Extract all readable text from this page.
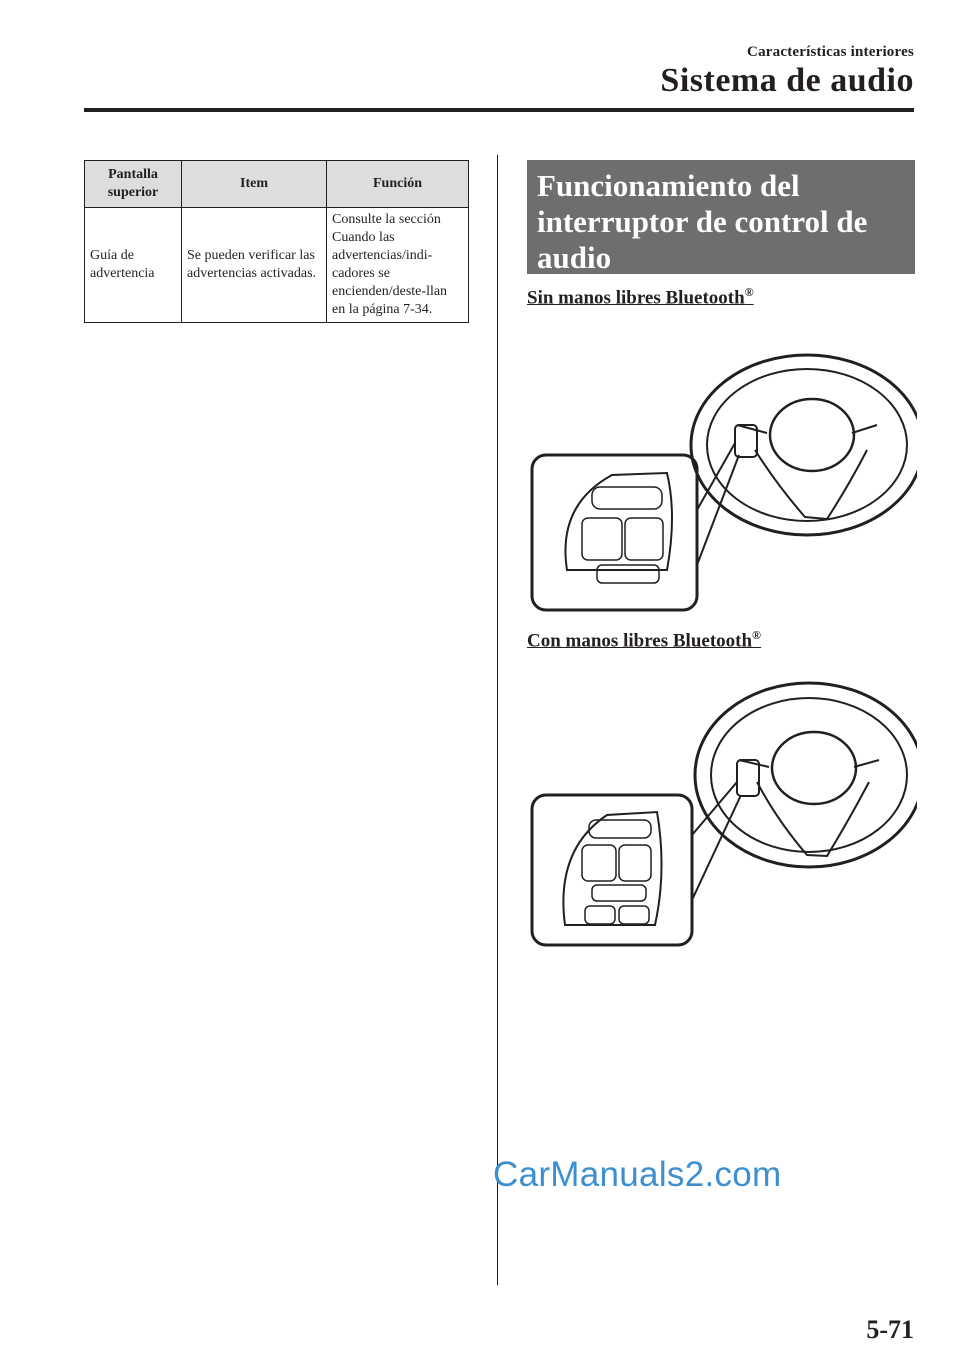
Características interiores
Sistema de audio
Pantalla superior	Item	Función
Guía de advertencia	Se pueden verificar las advertencias activadas.	Consulte la sección Cuando las advertencias/indi-cadores se encienden/deste-llan en la página 7-34.
Funcionamiento del
interruptor de control de
audio
Sin manos libres Bluetooth®
Con manos libres Bluetooth®
CarManuals2.com
5-71
